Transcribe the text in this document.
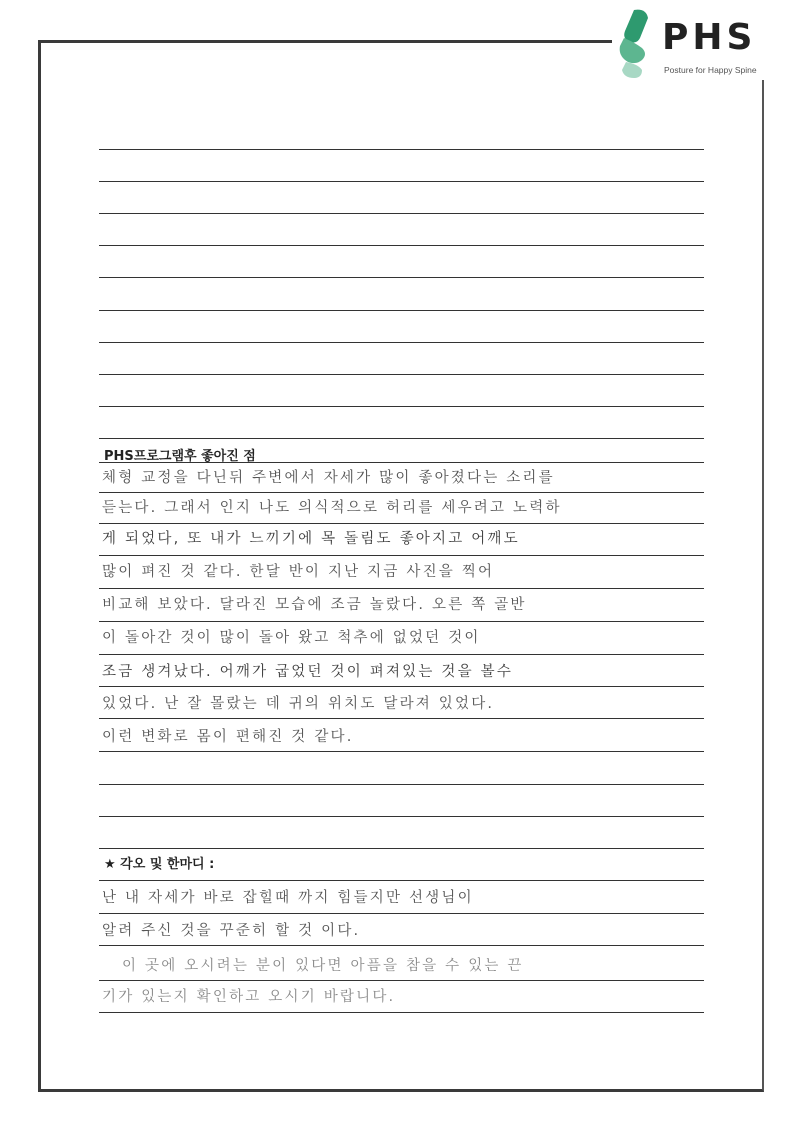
PHS
Posture for Happy Spine
PHS프로그램후 좋아진 점
체형 교정을 다닌뒤 주변에서 자세가 많이 좋아졌다는 소리를
듣는다. 그래서 인지 나도 의식적으로 허리를 세우려고 노력하
게 되었다, 또 내가 느끼기에 목 돌림도 좋아지고 어깨도
많이 펴진 것 같다. 한달 반이 지난 지금 사진을 찍어
비교해 보았다. 달라진 모습에 조금 놀랐다. 오른 쪽 골반
이 돌아간 것이 많이 돌아 왔고 척추에 없었던 것이
조금 생겨났다. 어깨가 굽었던 것이 펴져있는 것을 볼수
있었다. 난 잘 몰랐는 데 귀의 위치도 달라져 있었다.
이런 변화로 몸이 편해진 것 같다.
★ 각오 및 한마디 :
난 내 자세가 바로 잡힐때 까지 힘들지만 선생님이
알려 주신 것을 꾸준히 할 것 이다.
이 곳에 오시려는 분이 있다면 아픔을 참을 수 있는 끈
기가 있는지 확인하고 오시기 바랍니다.
